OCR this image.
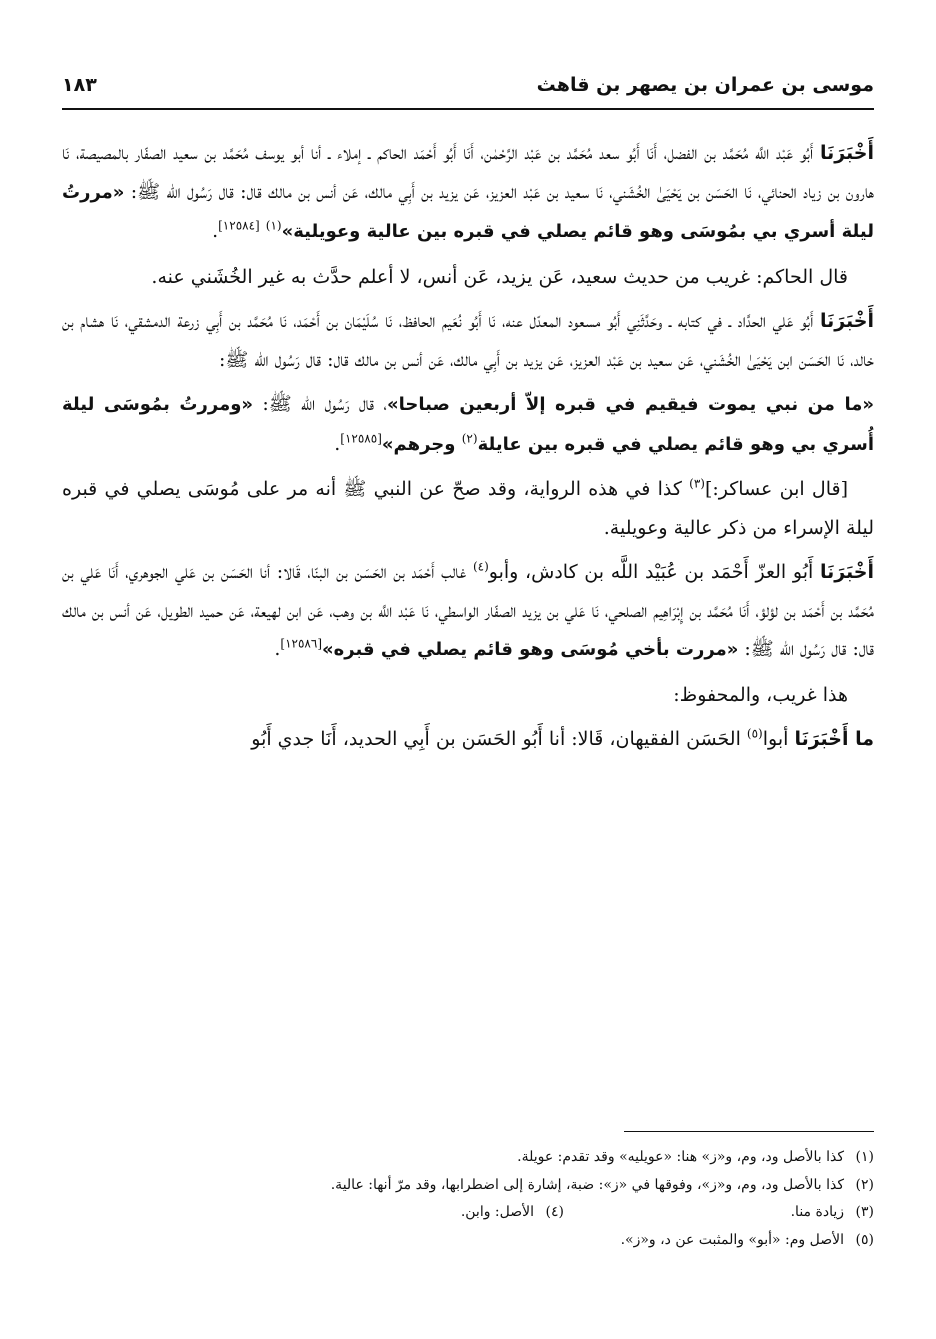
موسى بن عمران بن يصهر بن قاهث
١٨٣

أَخْبَرَنَا أَبُو عَبْد اللَّه مُحَمَّد بن الفضل، أَنَا أَبُو سعد مُحَمَّد بن عَبْد الرَّحْمٰن، أَنَا أَبُو أَحْمَد الحاكم ـ إملاء ـ أنا أبو يوسف مُحَمَّد بن سعيد الصفّار بالمصيصة، نَا هارون بن زياد الحنائي، نَا الحَسَن بن يَحْيَىٰ الخُشَني، نَا سعيد بن عَبْد العزيز، عَن يزيد بن أَبِي مالك، عَن أنس بن مالك قال: قال رَسُول الله ﷺ: «مررتُ ليلة أسري بي بمُوسَى وهو قائم يصلي في قبره بين عالية وعويلية»$^{(١)}$ [١٢٥٨٤].

قال الحاكم: غريب من حديث سعيد، عَن يزيد، عَن أنس، لا أعلم حدَّث به غير الخُشَني عنه.

أَخْبَرَنَا أَبُو عَلي الحدَّاد ـ في كتابه ـ وحَدَّثَنِي أَبُو مسعود المعدّل عنه، نَا أَبُو نُعَيم الحافظ، نَا سُلَيْمَان بن أَحْمَد، نَا مُحَمَّد بن أَبِي زرعة الدمشقي، نَا هشام بن خالد، نَا الحَسَن ابن يَحْيَىٰ الخُشَني، عَن سعيد بن عَبْد العزيز، عَن يزيد بن أَبِي مالك، عَن أنس بن مالك قال: قال رَسُول الله ﷺ:

«ما من نبي يموت فيقيم في قبره إلاّ أربعين صباحا»، قال رَسُول الله ﷺ: «ومررتُ بمُوسَى ليلة أُسري بي وهو قائم يصلي في قبره بين عايلة$^{(٢)}$ وجرهم»[١٢٥٨٥].

[قال ابن عساكر:]$^{(٣)}$ كذا في هذه الرواية، وقد صحّ عن النبي ﷺ أنه مر على مُوسَى يصلي في قبره ليلة الإسراء من ذكر عالية وعويلية.

أَخْبَرَنَا أَبُو العزّ أَحْمَد بن عُبَيْد اللَّه بن كادش، وأبو$^{(٤)}$ غالب أَحْمَد بن الحَسَن بن البنّا، قَالا: أنا الحَسَن بن عَلي الجوهري، أَنَا عَلي بن مُحَمَّد بن أَحْمَد بن لؤلؤ، أَنَا مُحَمَّد بن إِبْرَاهِيم الصلحي، نَا عَلي بن يزيد الصفّار الواسطي، نَا عَبْد اللَّه بن وهب، عَن ابن لهيعة، عَن حميد الطويل، عَن أنس بن مالك قال: قال رَسُول الله ﷺ: «مررت بأخي مُوسَى وهو قائم يصلي في قبره»[١٢٥٨٦].

هذا غريب، والمحفوظ:

ما أَخْبَرَنَا أبوا$^{(٥)}$ الحَسَن الفقيهان، قَالا: أنا أَبُو الحَسَن بن أَبِي الحديد، أَنَا جدي أَبُو

(١)كذا بالأصل ود، وم، و«ز» هنا: «عويليه» وقد تقدم: عويلة.

(٢)كذا بالأصل ود، وم، و«ز»، وفوقها في «ز»: ضبة، إشارة إلى اضطرابها، وقد مرّ أنها: عالية.

(٣)زيادة منا.

(٤)الأصل: وابن.

(٥)الأصل وم: «أبو» والمثبت عن د، و«ز».
